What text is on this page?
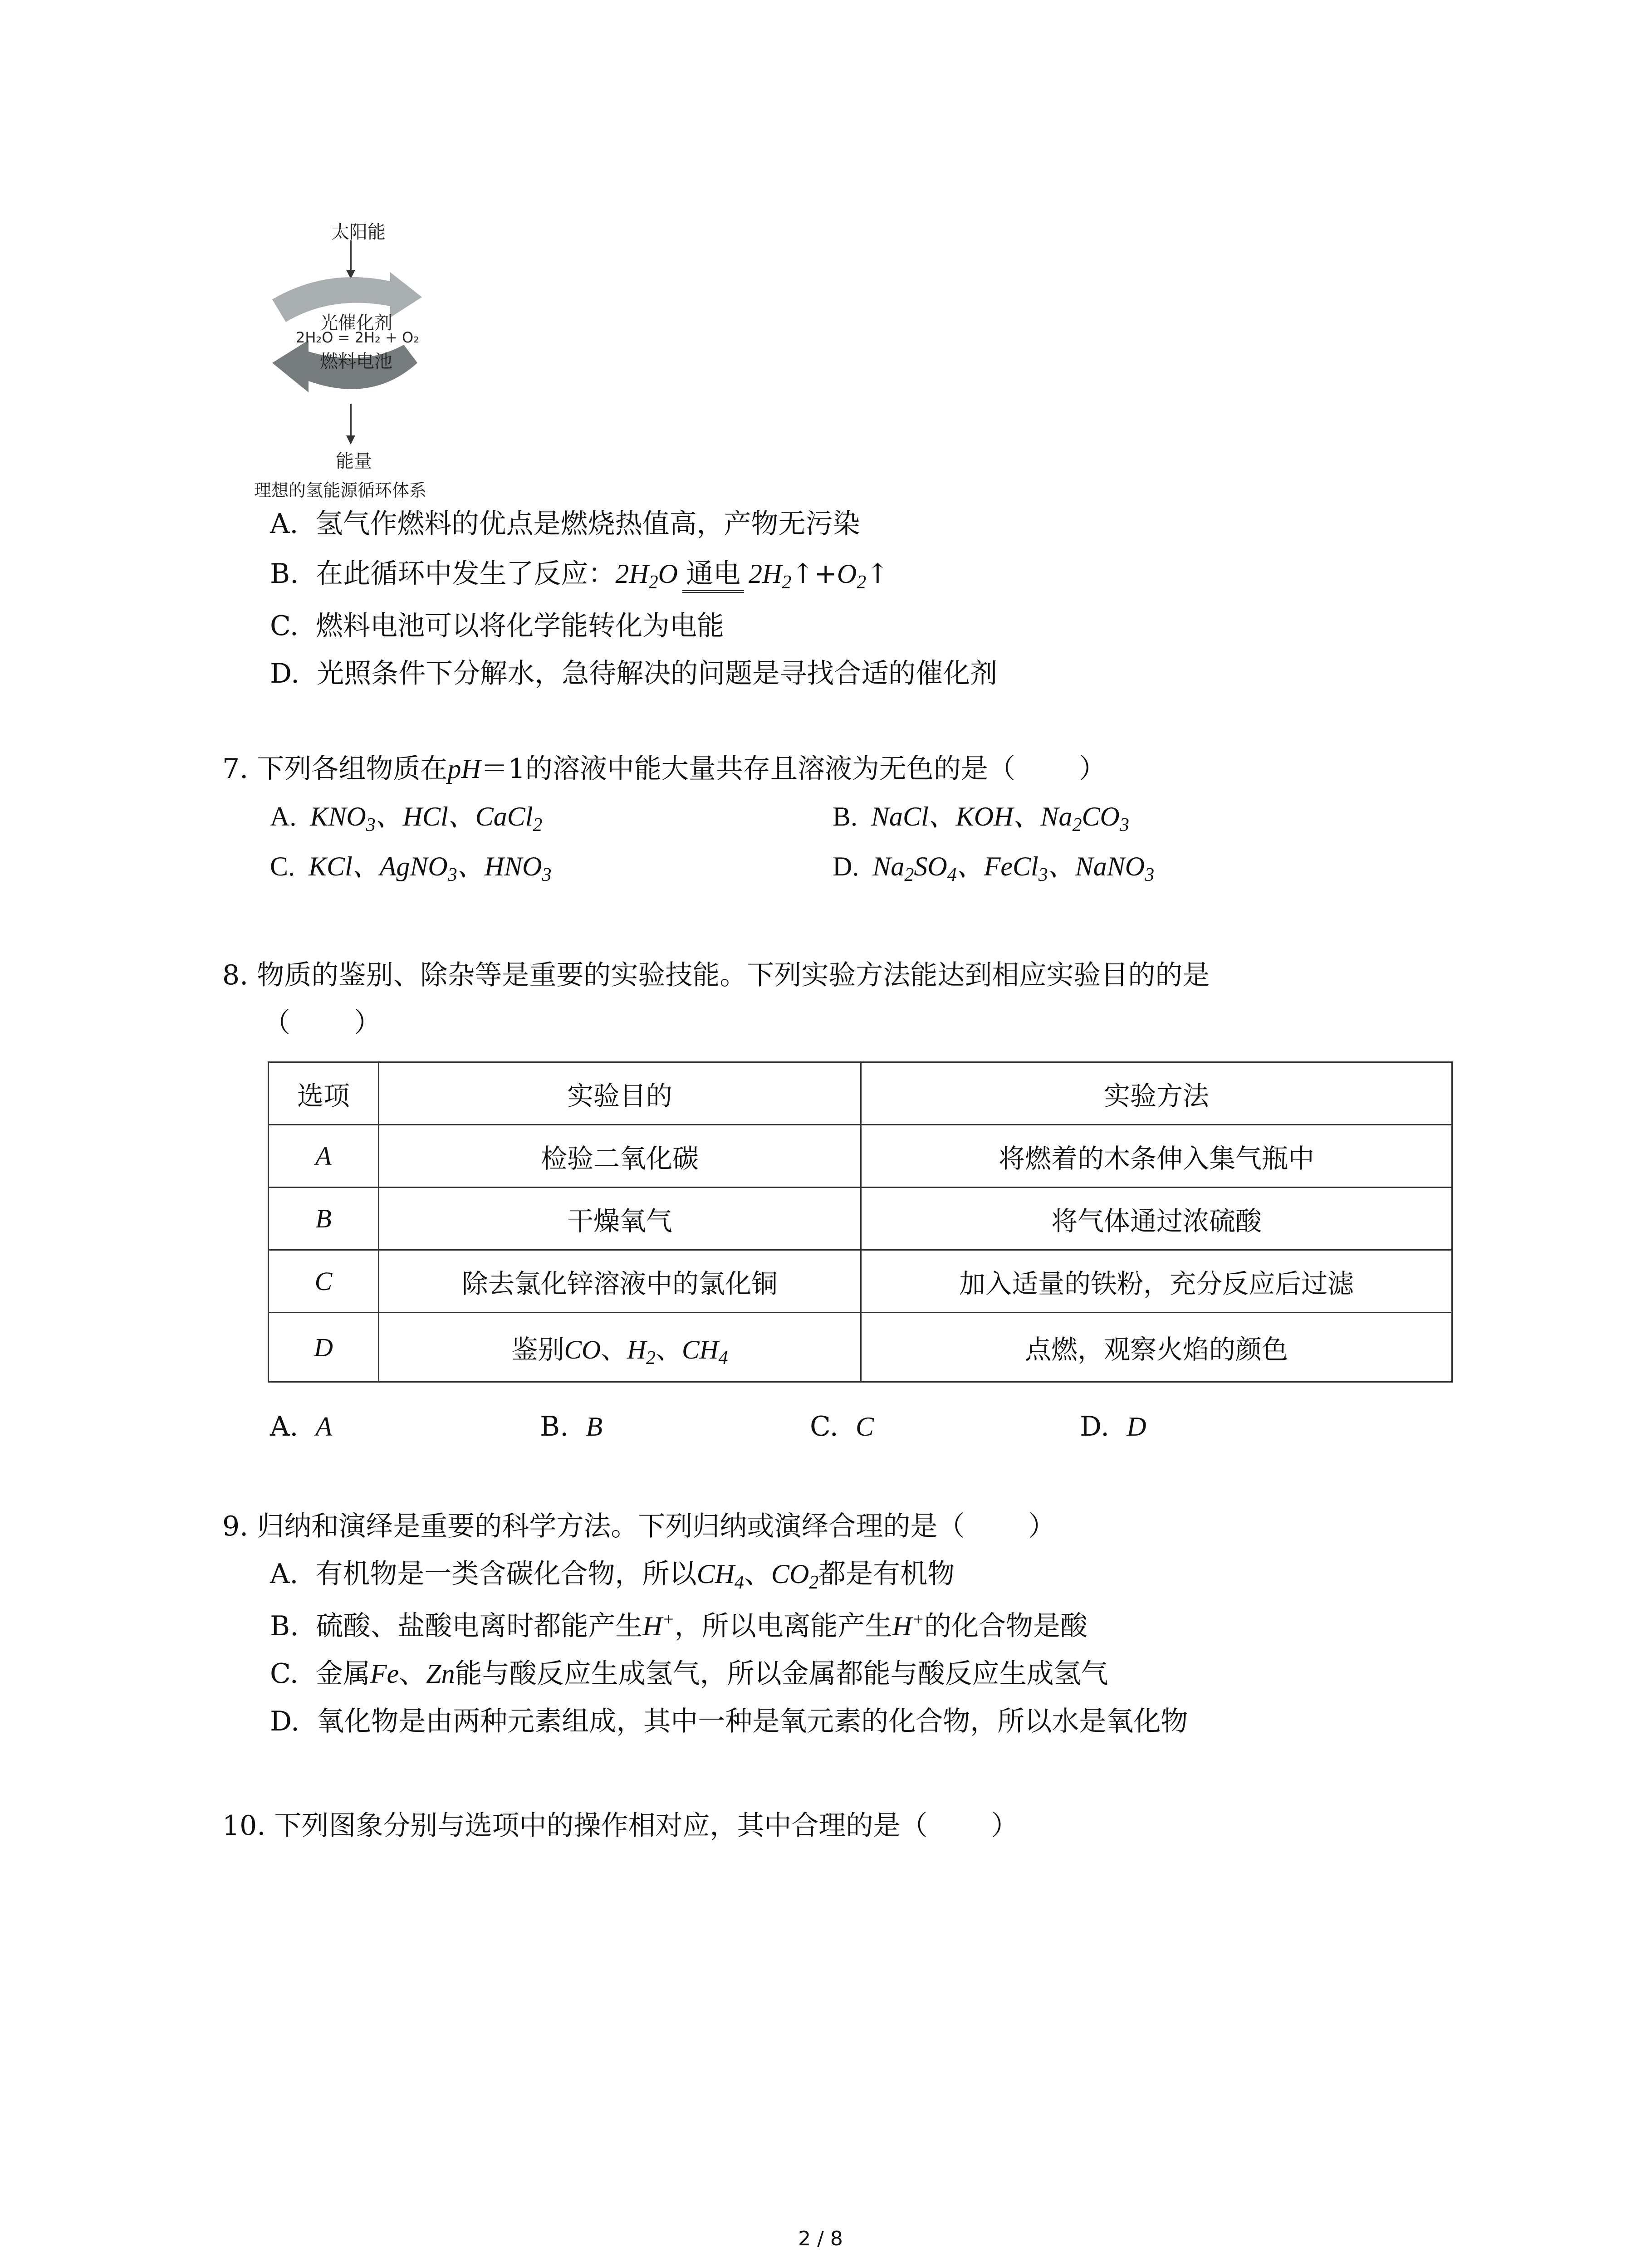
太阳能
光催化剂
2H₂O = 2H₂ + O₂
燃料电池
能量
理想的氢能源循环体系
A. 氢气作燃料的优点是燃烧热值高，产物无污染
B. 在此循环中发生了反应：$2H_2O$ 通电 $2H_2↑+O_2↑$
C. 燃料电池可以将化学能转化为电能
D. 光照条件下分解水，急待解决的问题是寻找合适的催化剂
7. 下列各组物质在pH＝1的溶液中能大量共存且溶液为无色的是（ ）
A.  $KNO_3$、HCl、CaCl$_2$	B.  NaCl、KOH、$Na_2CO_3$
C.  KCl、AgNO$_3$、$HNO_3$	D.  $Na_2SO_4$、FeCl$_3$、NaNO$_3$
8. 物质的鉴别、除杂等是重要的实验技能。下列实验方法能达到相应实验目的的是
（ ）
选项	实验目的	实验方法
A	检验二氧化碳	将燃着的木条伸入集气瓶中
B	干燥氧气	将气体通过浓硫酸
C	除去氯化锌溶液中的氯化铜	加入适量的铁粉，充分反应后过滤
D	鉴别CO、$H_2$、$CH_4$	点燃，观察火焰的颜色
A. A	B. B	C. C	D. D
9. 归纳和演绎是重要的科学方法。下列归纳或演绎合理的是（ ）
A. 有机物是一类含碳化合物，所以$CH_4$、$CO_2$都是有机物
B. 硫酸、盐酸电离时都能产生H+，所以电离能产生H+的化合物是酸
C. 金属Fe、Zn能与酸反应生成氢气，所以金属都能与酸反应生成氢气
D. 氧化物是由两种元素组成，其中一种是氧元素的化合物，所以水是氧化物
10. 下列图象分别与选项中的操作相对应，其中合理的是（ ）
2 / 8
